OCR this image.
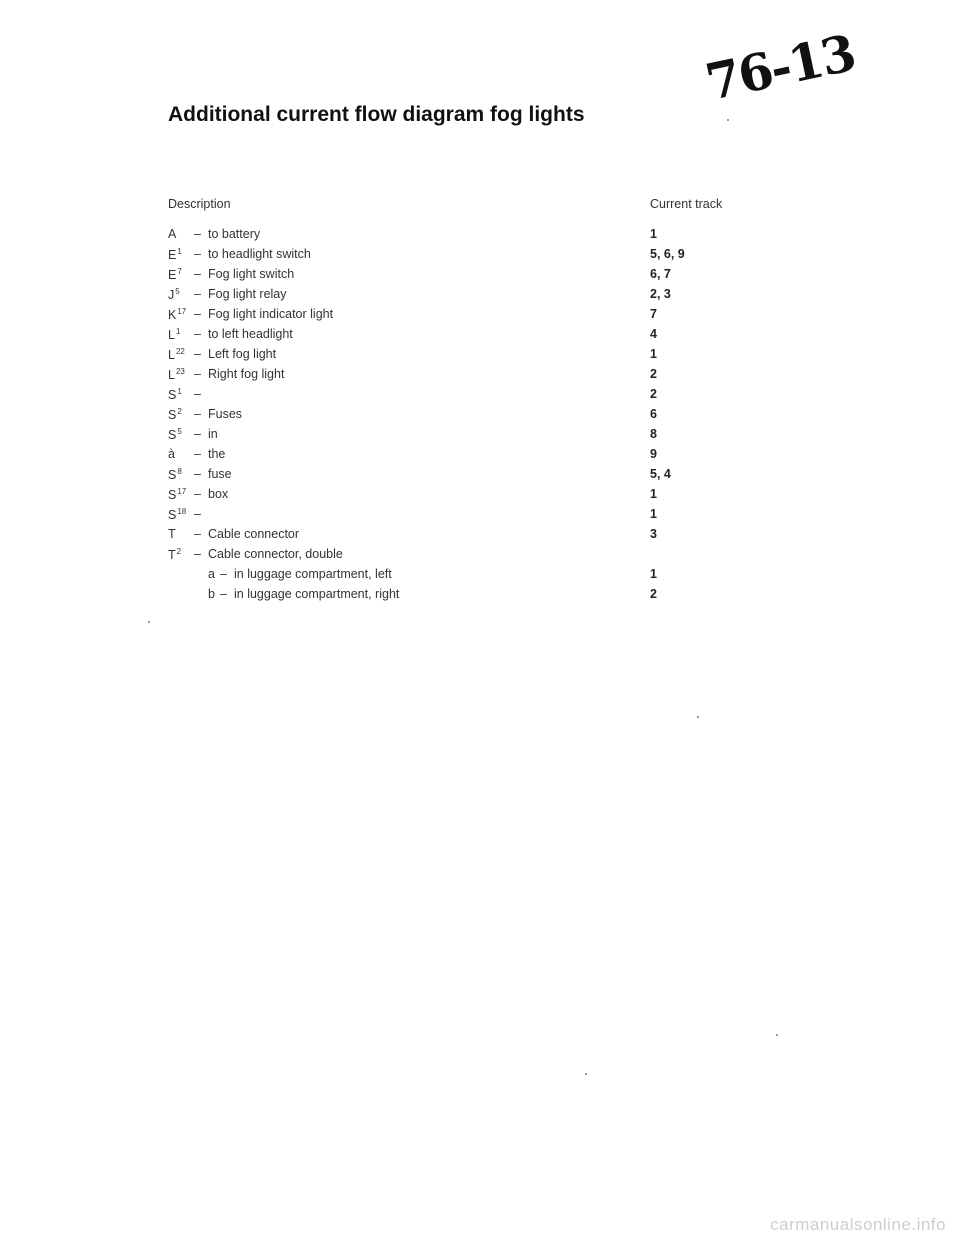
76-13
Additional current flow diagram fog lights
Description	Current track
A – to battery	1
$E^1$ – to headlight switch	5, 6, 9
$E^7$ – Fog light switch	6, 7
$J^5$ – Fog light relay	2, 3
$K^{17}$ – Fog light indicator light	7
$L^1$ – to left headlight	4
$L^{22}$ – Left fog light	1
$L^{23}$ – Right fog light	2
$S^1$ –	2
$S^2$ – Fuses	6
$S^5$ – in	8
à – the	9
$S^8$ – fuse	5, 4
$S^{17}$ – box	1
$S^{18}$ –	1
T – Cable connector	3
$T^2$ – Cable connector, double
a – in luggage compartment, left	1
b – in luggage compartment, right	2
carmanualsonline.info
